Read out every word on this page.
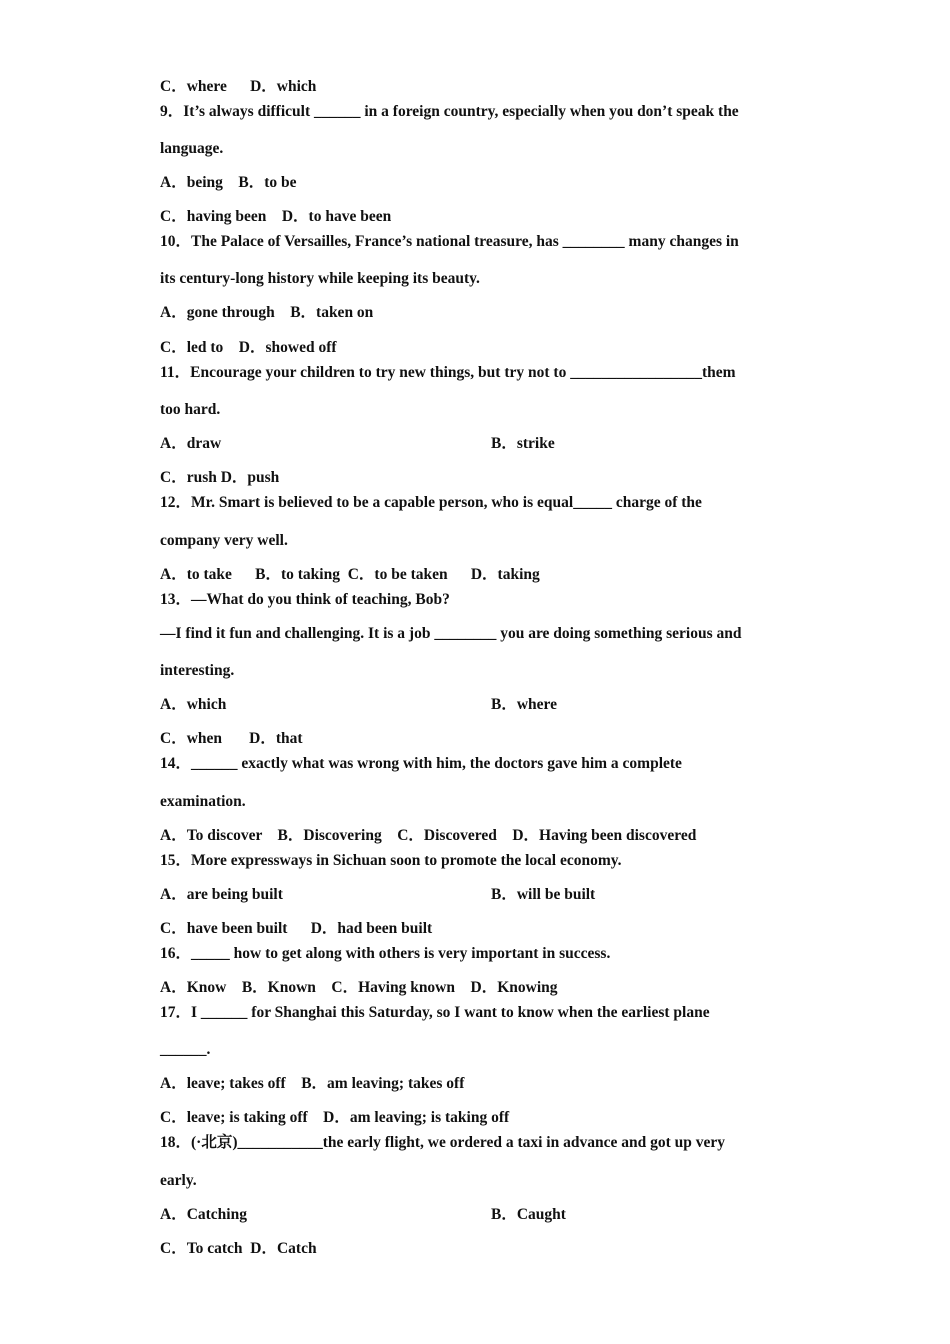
C．where      D．which
9．It’s always difficult ______ in a foreign country, especially when you don’t speak the
language.
A．being    B．to be
C．having been    D．to have been
10．The Palace of Versailles, France’s national treasure, has ________ many changes in
its century-long history while keeping its beauty.
A．gone through    B．taken on
C．led to    D．showed off
11．Encourage your children to try new things, but try not to _________________them
too hard.
A．draw	B．strike
C．rush D．push
12．Mr. Smart is believed to be a capable person, who is equal_____ charge of the
company very well.
A．to take      B．to taking  C．to be taken      D．taking
13．—What do you think of teaching, Bob?
—I find it fun and challenging. It is a job ________ you are doing something serious and
interesting.
A．which	B．where
C．when       D．that
14．______ exactly what was wrong with him, the doctors gave him a complete
examination.
A．To discover    B．Discovering    C．Discovered    D．Having been discovered
15．More expressways in Sichuan soon to promote the local economy.
A．are being built	B．will be built
C．have been built      D．had been built
16．_____ how to get along with others is very important in success.
A．Know    B．Known    C．Having known    D．Knowing
17．I ______ for Shanghai this Saturday, so I want to know when the earliest plane
______.
A．leave; takes off    B．am leaving; takes off
C．leave; is taking off    D．am leaving; is taking off
18．(·北京)___________the early flight, we ordered a taxi in advance and got up very
early.
A．Catching	B．Caught
C．To catch  D．Catch
